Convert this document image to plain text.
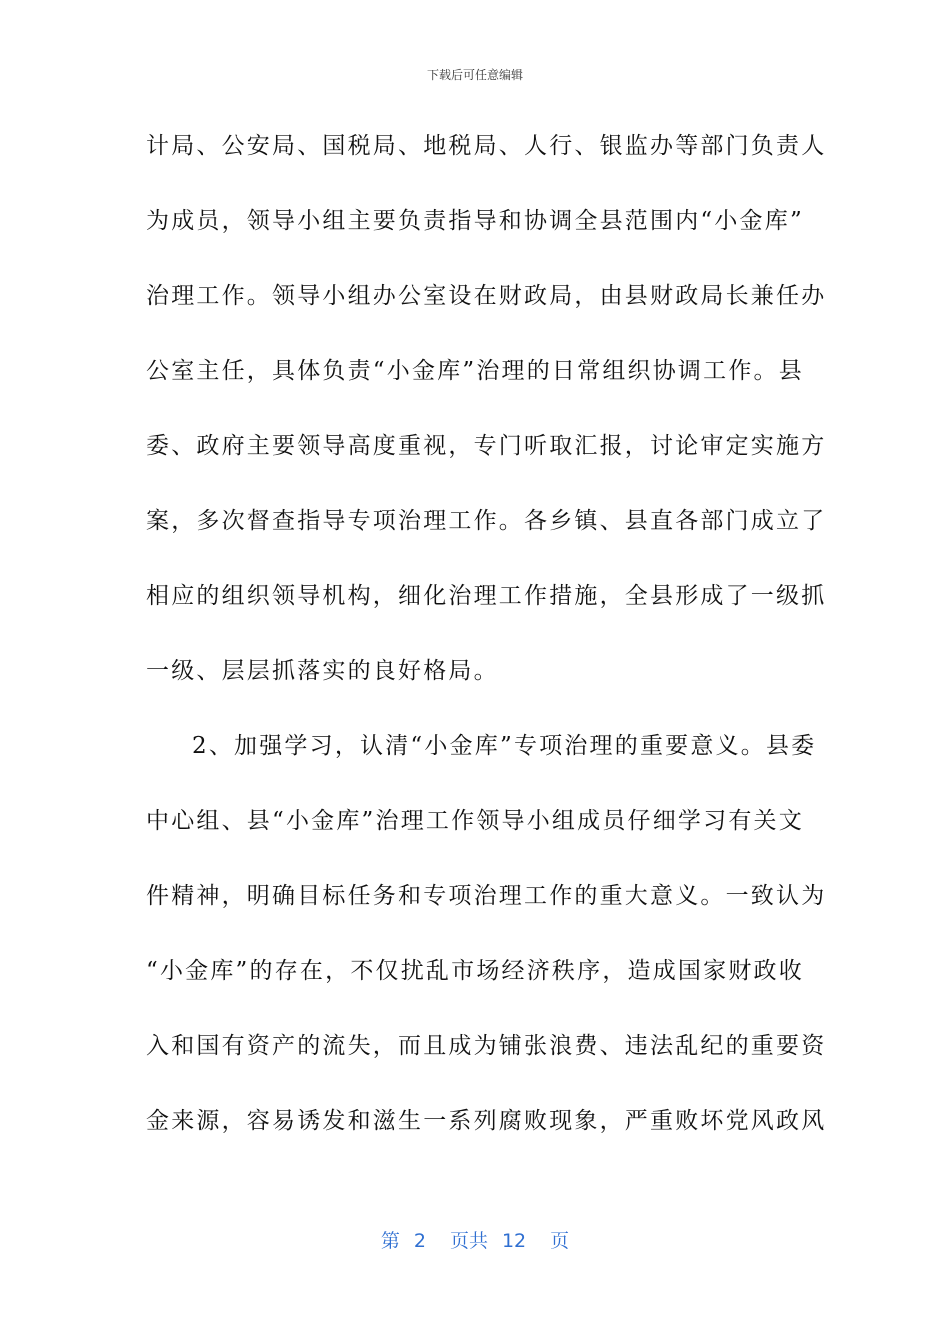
下载后可任意编辑
计局、公安局、国税局、地税局、人行、银监办等部门负责人
为成员，领导小组主要负责指导和协调全县范围内“小金库”
治理工作。领导小组办公室设在财政局，由县财政局长兼任办
公室主任，具体负责“小金库”治理的日常组织协调工作。县
委、政府主要领导高度重视，专门听取汇报，讨论审定实施方
案，多次督查指导专项治理工作。各乡镇、县直各部门成立了
相应的组织领导机构，细化治理工作措施，全县形成了一级抓
一级、层层抓落实的良好格局。
2、加强学习，认清“小金库”专项治理的重要意义。县委
中心组、县“小金库”治理工作领导小组成员仔细学习有关文
件精神，明确目标任务和专项治理工作的重大意义。一致认为
“小金库”的存在，不仅扰乱市场经济秩序，造成国家财政收
入和国有资产的流失，而且成为铺张浪费、违法乱纪的重要资
金来源，容易诱发和滋生一系列腐败现象，严重败坏党风政风
第 2 页共 12 页
